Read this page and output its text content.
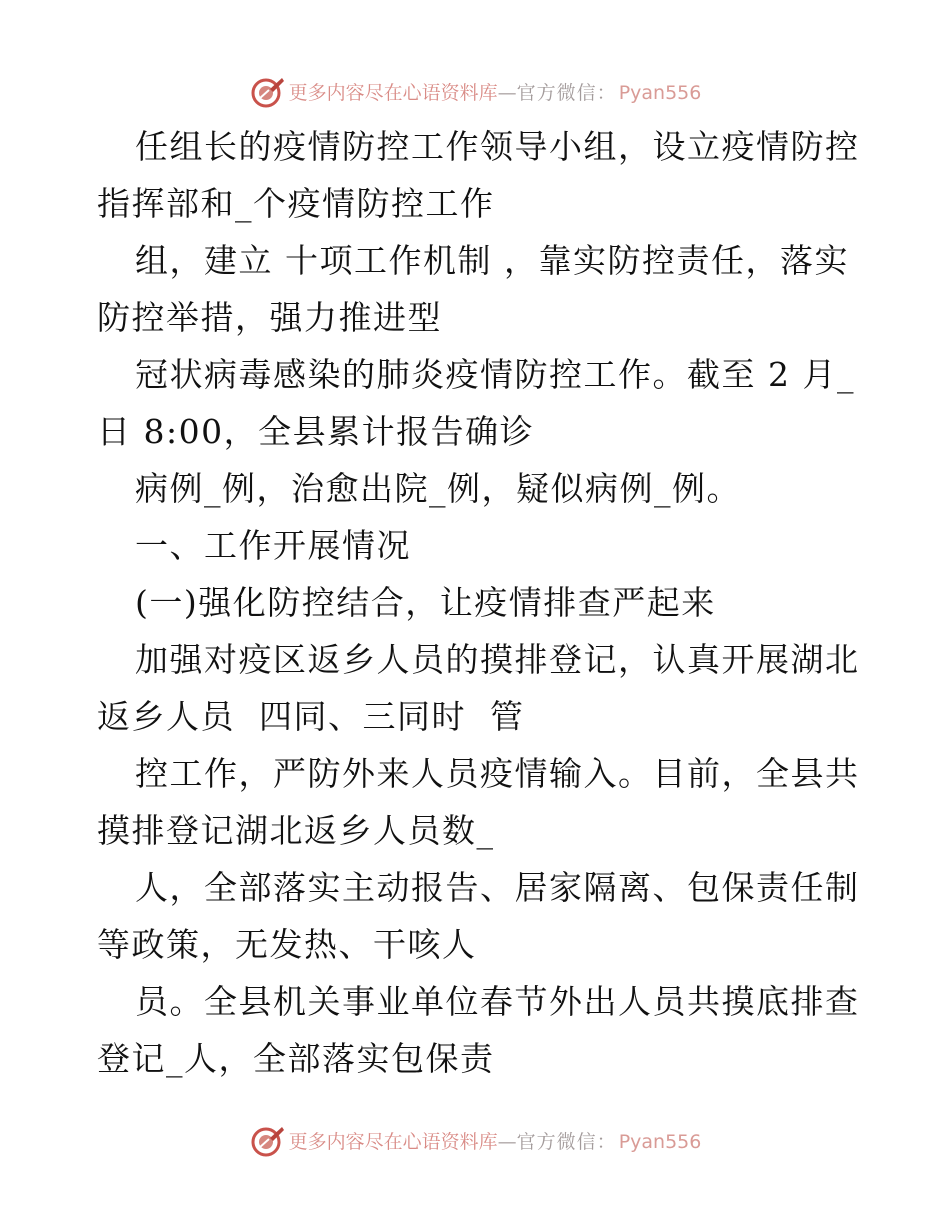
更多内容尽在心语资料库 — 官方微信： Pyan556
任组长的疫情防控工作领导小组，设立疫情防控
指挥部和_个疫情防控工作
组，建立 十项工作机制 ，靠实防控责任，落实
防控举措，强力推进型
冠状病毒感染的肺炎疫情防控工作。截至 2 月_
日 8:00，全县累计报告确诊
病例_例，治愈出院_例，疑似病例_例。
一、工作开展情况
(一)强化防控结合，让疫情排查严起来
加强对疫区返乡人员的摸排登记，认真开展湖北
返乡人员  四同、三同时  管
控工作，严防外来人员疫情输入。目前，全县共
摸排登记湖北返乡人员数_
人，全部落实主动报告、居家隔离、包保责任制
等政策，无发热、干咳人
员。全县机关事业单位春节外出人员共摸底排查
登记_人，全部落实包保责
更多内容尽在心语资料库 — 官方微信： Pyan556
